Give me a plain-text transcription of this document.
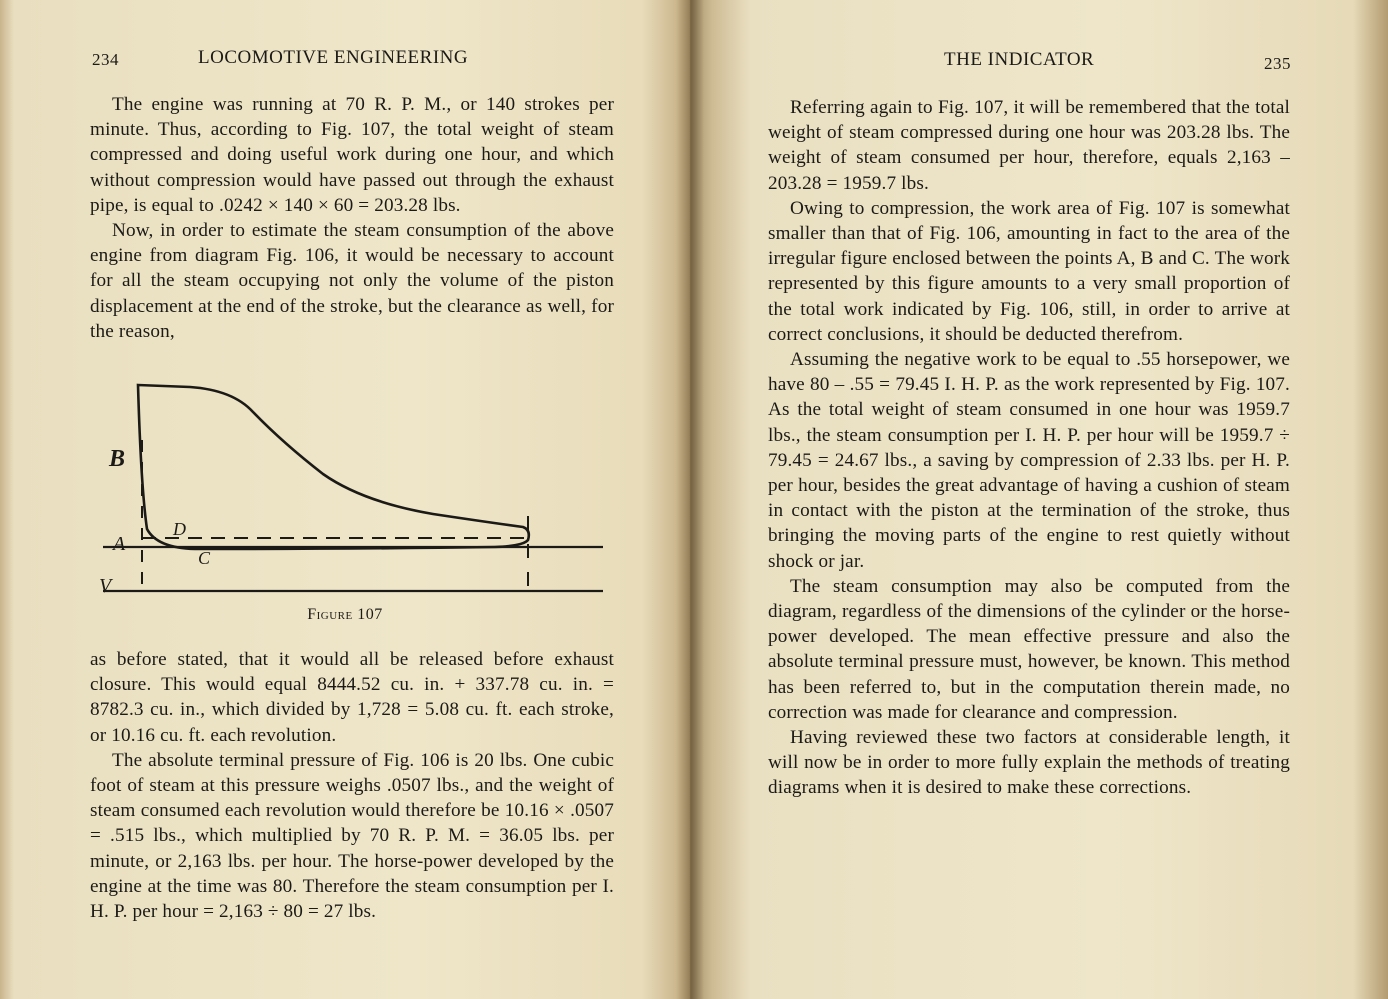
234	LOCOMOTIVE ENGINEERING

The engine was running at 70 R. P. M., or 140 strokes per minute. Thus, according to Fig. 107, the total weight of steam compressed and doing useful work during one hour, and which without compression would have passed out through the exhaust pipe, is equal to .0242 × 140 × 60 = 203.28 lbs.

Now, in order to estimate the steam consumption of the above engine from diagram Fig. 106, it would be necessary to account for all the steam occupying not only the volume of the piston displacement at the end of the stroke, but the clearance as well, for the reason,

B
A
V
D
C
Figure 107

as before stated, that it would all be released before exhaust closure. This would equal 8444.52 cu. in. + 337.78 cu. in. = 8782.3 cu. in., which divided by 1,728 = 5.08 cu. ft. each stroke, or 10.16 cu. ft. each revolution.

The absolute terminal pressure of Fig. 106 is 20 lbs. One cubic foot of steam at this pressure weighs .0507 lbs., and the weight of steam consumed each revolution would therefore be 10.16 × .0507 = .515 lbs., which multiplied by 70 R. P. M. = 36.05 lbs. per minute, or 2,163 lbs. per hour. The horse-power developed by the engine at the time was 80. Therefore the steam consumption per I. H. P. per hour = 2,163 ÷ 80 = 27 lbs.

THE INDICATOR	235

Referring again to Fig. 107, it will be remembered that the total weight of steam compressed during one hour was 203.28 lbs. The weight of steam consumed per hour, therefore, equals 2,163 – 203.28 = 1959.7 lbs.

Owing to compression, the work area of Fig. 107 is somewhat smaller than that of Fig. 106, amounting in fact to the area of the irregular figure enclosed between the points A, B and C. The work represented by this figure amounts to a very small proportion of the total work indicated by Fig. 106, still, in order to arrive at correct conclusions, it should be deducted therefrom.

Assuming the negative work to be equal to .55 horsepower, we have 80 – .55 = 79.45 I. H. P. as the work represented by Fig. 107. As the total weight of steam consumed in one hour was 1959.7 lbs., the steam consumption per I. H. P. per hour will be 1959.7 ÷ 79.45 = 24.67 lbs., a saving by compression of 2.33 lbs. per H. P. per hour, besides the great advantage of having a cushion of steam in contact with the piston at the termination of the stroke, thus bringing the moving parts of the engine to rest quietly without shock or jar.

The steam consumption may also be computed from the diagram, regardless of the dimensions of the cylinder or the horse-power developed. The mean effective pressure and also the absolute terminal pressure must, however, be known. This method has been referred to, but in the computation therein made, no correction was made for clearance and compression.

Having reviewed these two factors at considerable length, it will now be in order to more fully explain the methods of treating diagrams when it is desired to make these corrections.
